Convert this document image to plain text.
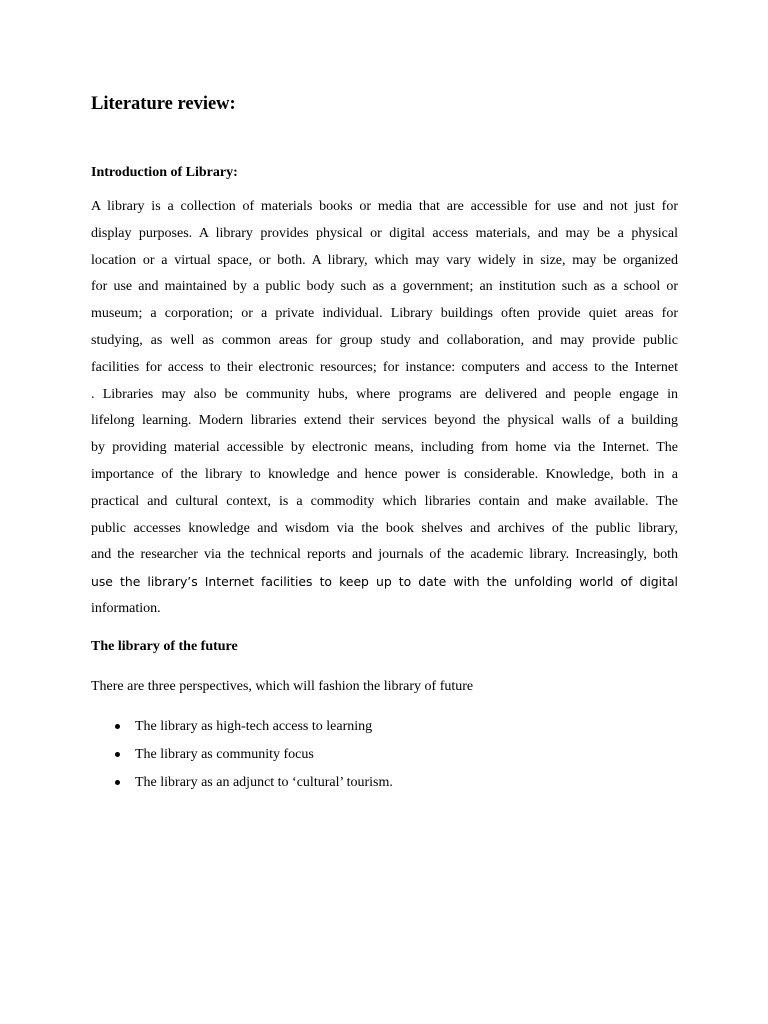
Literature review:
Introduction of Library:

A library is a collection of materials books or media that are accessible for use and not just for
display purposes. A library provides physical or digital access materials, and may be a physical
location or a virtual space, or both. A library, which may vary widely in size, may be organized
for use and maintained by a public body such as a government; an institution such as a school or
museum; a corporation; or a private individual. Library buildings often provide quiet areas for
studying, as well as common areas for group study and collaboration, and may provide public
facilities for access to their electronic resources; for instance: computers and access to the Internet
. Libraries may also be community hubs, where programs are delivered and people engage in
lifelong learning. Modern libraries extend their services beyond the physical walls of a building
by providing material accessible by electronic means, including from home via the Internet. The
importance of the library to knowledge and hence power is considerable. Knowledge, both in a
practical and cultural context, is a commodity which libraries contain and make available. The
public accesses knowledge and wisdom via the book shelves and archives of the public library,
and the researcher via the technical reports and journals of the academic library. Increasingly, both
use the library’s Internet facilities to keep up to date with the unfolding world of digital
information.

The library of the future

There are three perspectives, which will fashion the library of future

The library as high-tech access to learning
The library as community focus
The library as an adjunct to ‘cultural’ tourism.
